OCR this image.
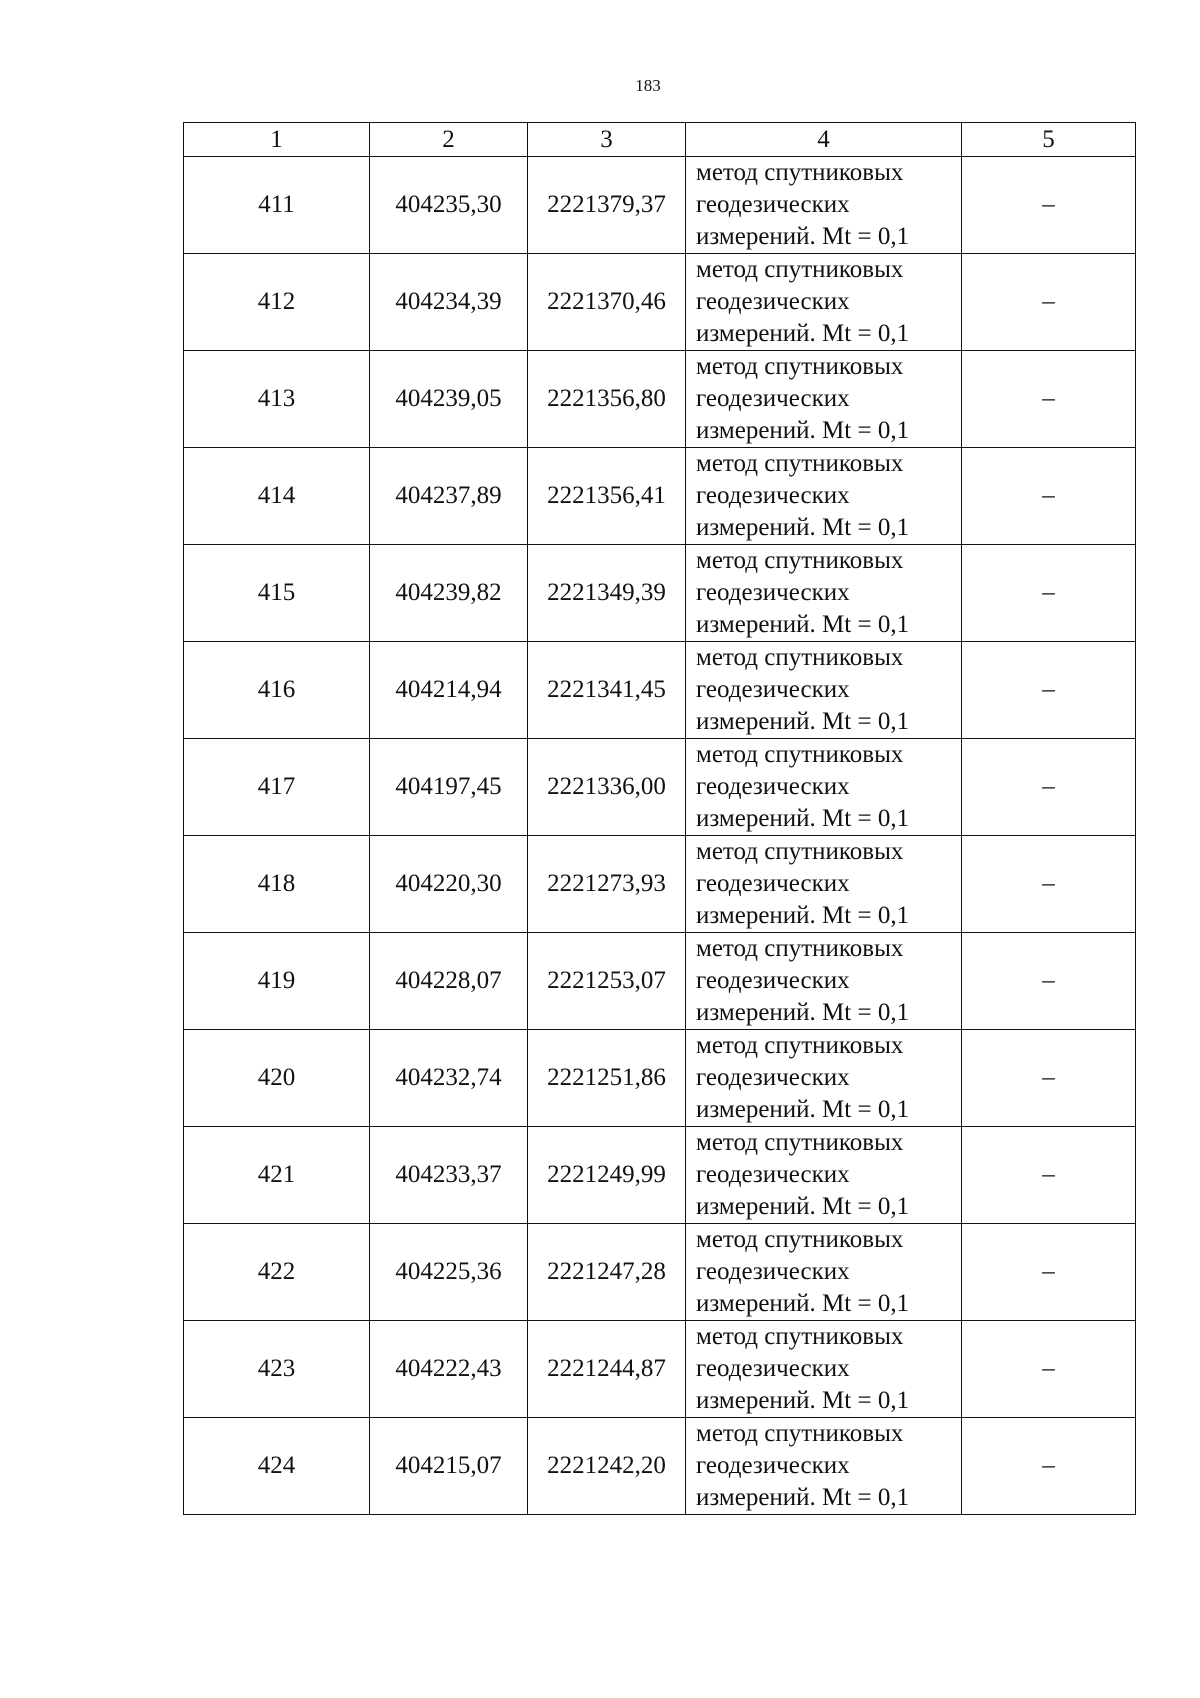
183
1	2	3	4	5
411	404235,30	2221379,37	метод спутниковых
геодезических
измерений. Mt = 0,1	–
412	404234,39	2221370,46	метод спутниковых
геодезических
измерений. Mt = 0,1	–
413	404239,05	2221356,80	метод спутниковых
геодезических
измерений. Mt = 0,1	–
414	404237,89	2221356,41	метод спутниковых
геодезических
измерений. Mt = 0,1	–
415	404239,82	2221349,39	метод спутниковых
геодезических
измерений. Mt = 0,1	–
416	404214,94	2221341,45	метод спутниковых
геодезических
измерений. Mt = 0,1	–
417	404197,45	2221336,00	метод спутниковых
геодезических
измерений. Mt = 0,1	–
418	404220,30	2221273,93	метод спутниковых
геодезических
измерений. Mt = 0,1	–
419	404228,07	2221253,07	метод спутниковых
геодезических
измерений. Mt = 0,1	–
420	404232,74	2221251,86	метод спутниковых
геодезических
измерений. Mt = 0,1	–
421	404233,37	2221249,99	метод спутниковых
геодезических
измерений. Mt = 0,1	–
422	404225,36	2221247,28	метод спутниковых
геодезических
измерений. Mt = 0,1	–
423	404222,43	2221244,87	метод спутниковых
геодезических
измерений. Mt = 0,1	–
424	404215,07	2221242,20	метод спутниковых
геодезических
измерений. Mt = 0,1	–
